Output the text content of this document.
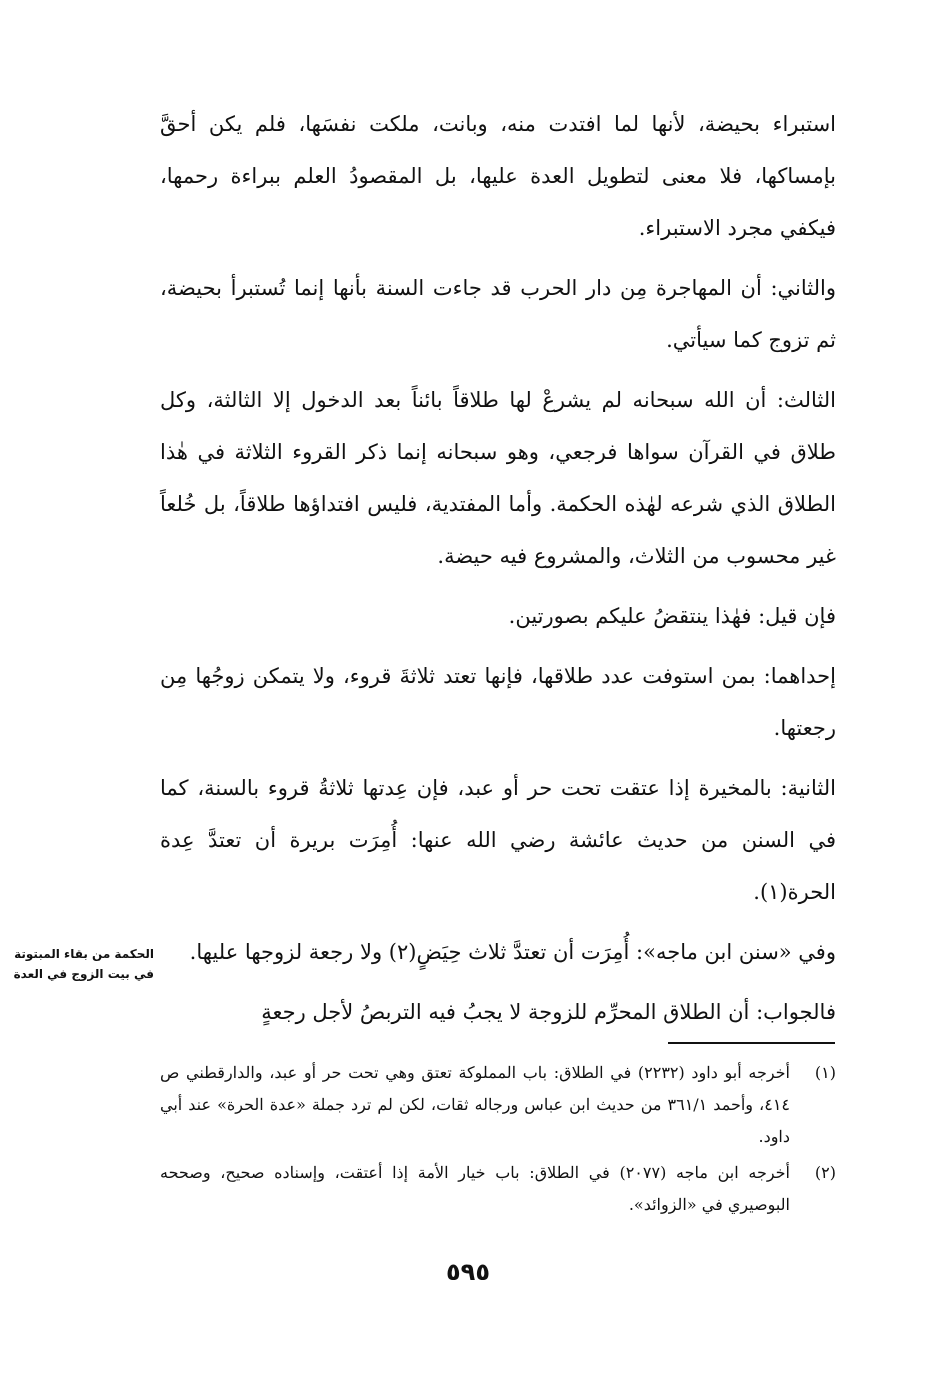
استبراء بحيضة، لأنها لما افتدت منه، وبانت، ملكت نفسَها، فلم يكن أحقَّ بإمساكها، فلا معنى لتطويل العدة عليها، بل المقصودُ العلم ببراءة رحمها، فيكفي مجرد الاستبراء.

والثاني: أن المهاجرة مِن دار الحرب قد جاءت السنة بأنها إنما تُستبرأ بحيضة، ثم تزوج كما سيأتي.

الثالث: أن الله سبحانه لم يشرعْ لها طلاقاً بائناً بعد الدخول إلا الثالثة، وكل طلاق في القرآن سواها فرجعي، وهو سبحانه إنما ذكر القروء الثلاثة في هٰذا الطلاق الذي شرعه لهٰذه الحكمة. وأما المفتدية، فليس افتداؤها طلاقاً، بل خُلعاً غير محسوب من الثلاث، والمشروع فيه حيضة.

فإن قيل: فهٰذا ينتقضُ عليكم بصورتين.

إحداهما: بمن استوفت عدد طلاقها، فإنها تعتد ثلاثةَ قروء، ولا يتمكن زوجُها مِن رجعتها.

الثانية: بالمخيرة إذا عتقت تحت حر أو عبد، فإن عِدتها ثلاثةُ قروء بالسنة، كما في السنن من حديث عائشة رضي الله عنها: أُمِرَت بريرة أن تعتدَّ عِدة الحرة(١).

وفي «سنن ابن ماجه»: أُمِرَت أن تعتدَّ ثلاث حِيَضٍ(٢) ولا رجعة لزوجها عليها.

فالجواب: أن الطلاق المحرِّم للزوجة لا يجبُ فيه التربصُ لأجل رجعةٍ

الحكمة من بقاء المبتوتة
في بيت الزوج في العدة
(١)
أخرجه أبو داود (٢٢٣٢) في الطلاق: باب المملوكة تعتق وهي تحت حر أو عبد، والدارقطني ص ٤١٤، وأحمد ٣٦١/١ من حديث ابن عباس ورجاله ثقات، لكن لم ترد جملة «عدة الحرة» عند أبي داود.
(٢)
أخرجه ابن ماجه (٢٠٧٧) في الطلاق: باب خيار الأمة إذا أعتقت، وإسناده صحيح، وصححه البوصيري في «الزوائد».
٥٩٥
